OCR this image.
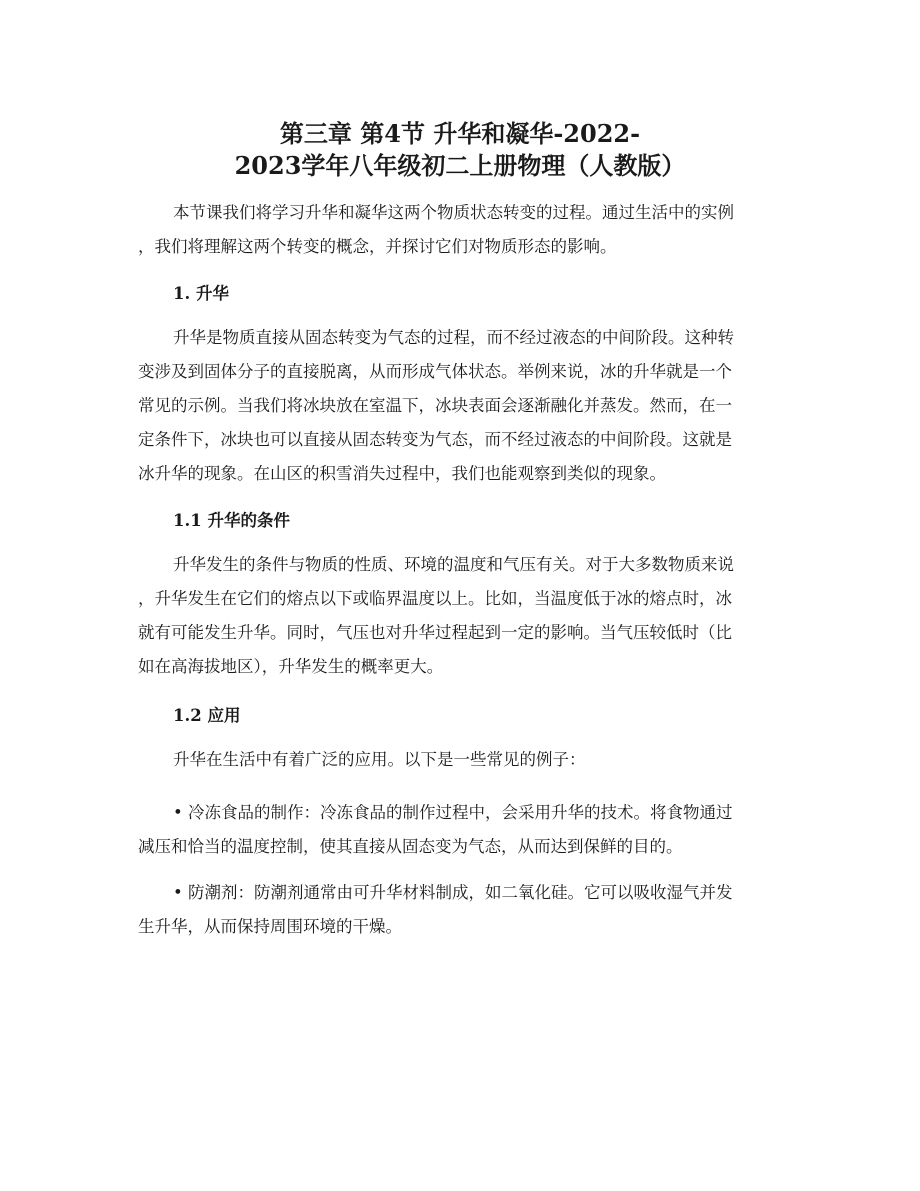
第三章 第4节 升华和凝华-2022-
2023学年八年级初二上册物理（人教版）

本节课我们将学习升华和凝华这两个物质状态转变的过程。通过生活中的实例
，我们将理解这两个转变的概念，并探讨它们对物质形态的影响。

1. 升华

升华是物质直接从固态转变为气态的过程，而不经过液态的中间阶段。这种转
变涉及到固体分子的直接脱离，从而形成气体状态。举例来说，冰的升华就是一个
常见的示例。当我们将冰块放在室温下，冰块表面会逐渐融化并蒸发。然而，在一
定条件下，冰块也可以直接从固态转变为气态，而不经过液态的中间阶段。这就是
冰升华的现象。在山区的积雪消失过程中，我们也能观察到类似的现象。

1.1 升华的条件

升华发生的条件与物质的性质、环境的温度和气压有关。对于大多数物质来说
，升华发生在它们的熔点以下或临界温度以上。比如，当温度低于冰的熔点时，冰
就有可能发生升华。同时，气压也对升华过程起到一定的影响。当气压较低时（比
如在高海拔地区），升华发生的概率更大。

1.2 应用

升华在生活中有着广泛的应用。以下是一些常见的例子：

• 冷冻食品的制作：冷冻食品的制作过程中，会采用升华的技术。将食物通过
减压和恰当的温度控制，使其直接从固态变为气态，从而达到保鲜的目的。

• 防潮剂：防潮剂通常由可升华材料制成，如二氧化硅。它可以吸收湿气并发
生升华，从而保持周围环境的干燥。
